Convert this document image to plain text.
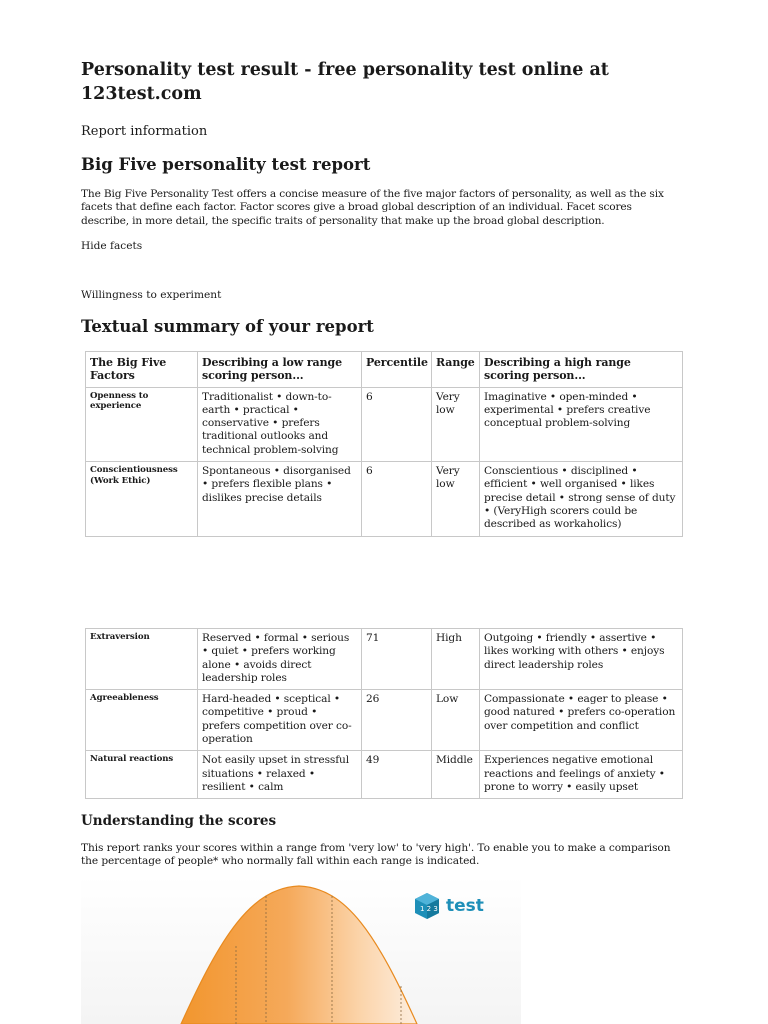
Personality test result - free personality test online at 123test.com
Report information
Big Five personality test report

The Big Five Personality Test offers a concise measure of the five major factors of personality, as well as the six facets that define each factor. Factor scores give a broad global description of an individual. Facet scores describe, in more detail, the specific traits of personality that make up the broad global description.

Hide facets
Willingness to experiment
Textual summary of your report
The Big Five Factors	Describing a low range scoring person...	Percentile	Range	Describing a high range scoring person...
Openness to experience	Traditionalist • down-to-earth • practical • conservative • prefers traditional outlooks and technical problem-solving	6	Very low	Imaginative • open-minded • experimental • prefers creative conceptual problem-solving
Conscientiousness (Work Ethic)	Spontaneous • disorganised • prefers flexible plans • dislikes precise details	6	Very low	Conscientious • disciplined • efficient • well organised • likes precise detail • strong sense of duty • (VeryHigh scorers could be described as workaholics)
Extraversion	Reserved • formal • serious • quiet • prefers working alone • avoids direct leadership roles	71	High	Outgoing • friendly • assertive • likes working with others • enjoys direct leadership roles
Agreeableness	Hard-headed • sceptical • competitive • proud • prefers competition over co-operation	26	Low	Compassionate • eager to please • good natured • prefers co-operation over competition and conflict
Natural reactions	Not easily upset in stressful situations • relaxed • resilient • calm	49	Middle	Experiences negative emotional reactions and feelings of anxiety • prone to worry • easily upset
Understanding the scores

This report ranks your scores within a range from 'very low' to 'very high'. To enable you to make a comparison the percentage of people* who normally fall within each range is indicated.

1 2 3 test
